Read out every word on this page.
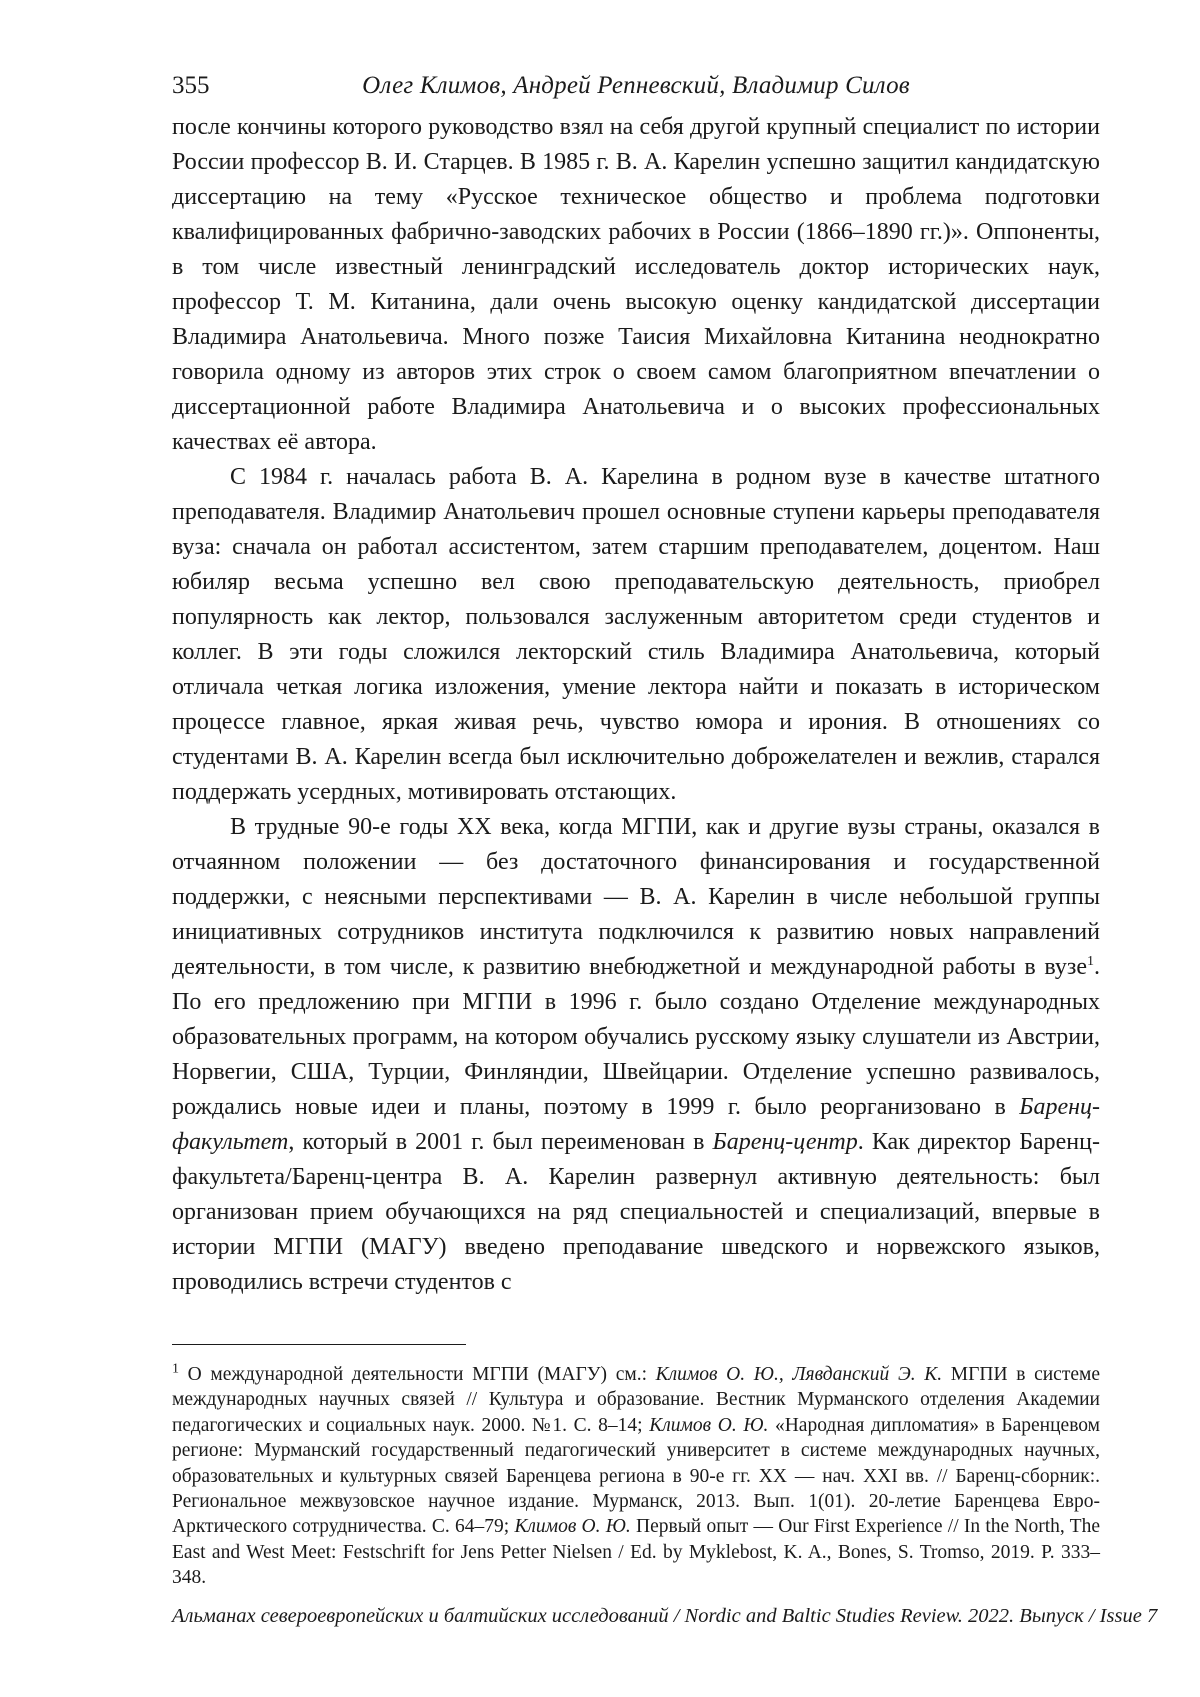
355	Олег Климов, Андрей Репневский, Владимир Силов

после кончины которого руководство взял на себя другой крупный специалист по истории России профессор В. И. Старцев. В 1985 г. В. А. Карелин успешно защитил кандидатскую диссертацию на тему «Русское техническое общество и проблема подготовки квалифицированных фабрично-заводских рабочих в России (1866–1890 гг.)». Оппоненты, в том числе известный ленинградский исследователь доктор исторических наук, профессор Т. М. Китанина, дали очень высокую оценку кандидатской диссертации Владимира Анатольевича. Много позже Таисия Михайловна Китанина неоднократно говорила одному из авторов этих строк о своем самом благоприятном впечатлении о диссертационной работе Владимира Анатольевича и о высоких профессиональных качествах её автора.

С 1984 г. началась работа В. А. Карелина в родном вузе в качестве штатного преподавателя. Владимир Анатольевич прошел основные ступени карьеры преподавателя вуза: сначала он работал ассистентом, затем старшим преподавателем, доцентом. Наш юбиляр весьма успешно вел свою преподавательскую деятельность, приобрел популярность как лектор, пользовался заслуженным авторитетом среди студентов и коллег. В эти годы сложился лекторский стиль Владимира Анатольевича, который отличала четкая логика изложения, умение лектора найти и показать в историческом процессе главное, яркая живая речь, чувство юмора и ирония. В отношениях со студентами В. А. Карелин всегда был исключительно доброжелателен и вежлив, старался поддержать усердных, мотивировать отстающих.

В трудные 90-е годы XX века, когда МГПИ, как и другие вузы страны, оказался в отчаянном положении — без достаточного финансирования и государственной поддержки, с неясными перспективами — В. А. Карелин в числе небольшой группы инициативных сотрудников института подключился к развитию новых направлений деятельности, в том числе, к развитию внебюджетной и международной работы в вузе$^1$. По его предложению при МГПИ в 1996 г. было создано Отделение международных образовательных программ, на котором обучались русскому языку слушатели из Австрии, Норвегии, США, Турции, Финляндии, Швейцарии. Отделение успешно развивалось, рождались новые идеи и планы, поэтому в 1999 г. было реорганизовано в Баренц-факультет, который в 2001 г. был переименован в Баренц-центр. Как директор Баренц-факультета/Баренц-центра В. А. Карелин развернул активную деятельность: был организован прием обучающихся на ряд специальностей и специализаций, впервые в истории МГПИ (МАГУ) введено преподавание шведского и норвежского языков, проводились встречи студентов с

$^1$ О международной деятельности МГПИ (МАГУ) см.: Климов О. Ю., Лявданский Э. К. МГПИ в системе международных научных связей // Культура и образование. Вестник Мурманского отделения Академии педагогических и социальных наук. 2000. №1. С. 8–14; Климов О. Ю. «Народная дипломатия» в Баренцевом регионе: Мурманский государственный педагогический университет в системе международных научных, образовательных и культурных связей Баренцева региона в 90-е гг. XX — нач. XXI вв. // Баренц-сборник:. Региональное межвузовское научное издание. Мурманск, 2013. Вып. 1(01). 20-летие Баренцева Евро-Арктического сотрудничества. С. 64–79; Климов О. Ю. Первый опыт — Our First Experience // In the North, The East and West Meet: Festschrift for Jens Petter Nielsen / Ed. by Myklebost, K. A., Bones, S. Tromso, 2019. P. 333–348.

Альманах североевропейских и балтийских исследований / Nordic and Baltic Studies Review. 2022. Выпуск / Issue 7
